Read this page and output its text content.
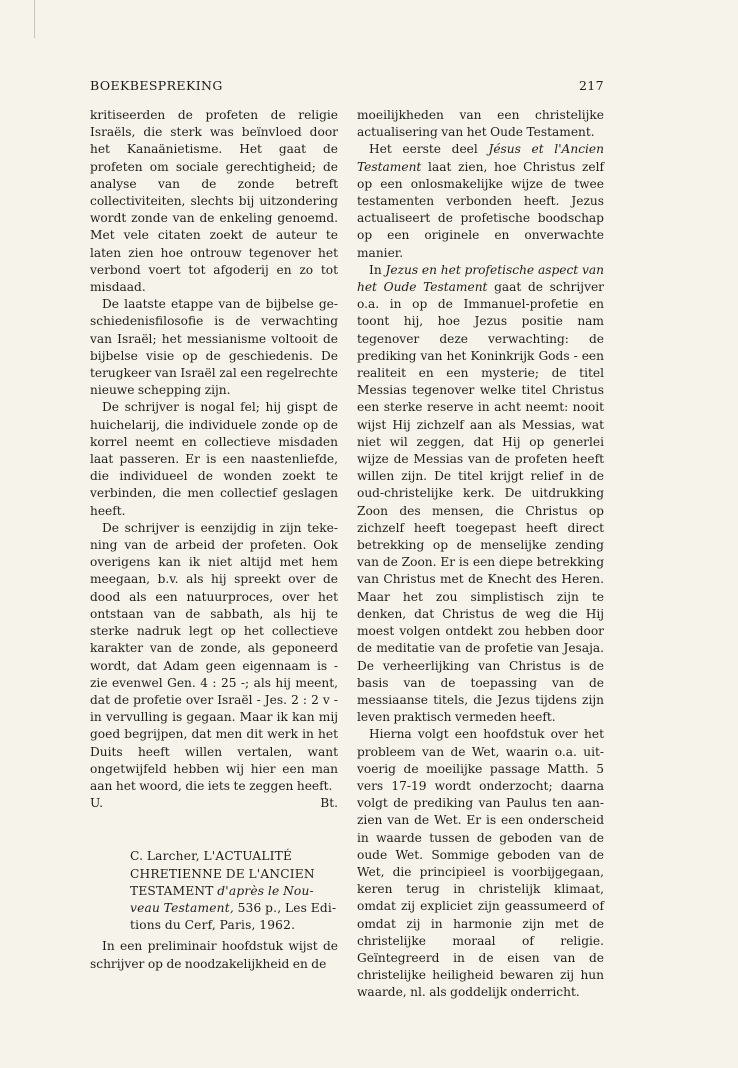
BOEKBESPREKING	217

kritiseerden de profeten de religie Israëls, die sterk was beïnvloed door het Kanaänietisme. Het gaat de profeten om sociale gerechtigheid; de analyse van de zonde betreft collectiviteiten, slechts bij uitzondering wordt zonde van de enkeling genoemd. Met vele citaten zoekt de auteur te laten zien hoe ontrouw tegenover het verbond voert tot afgoderij en zo tot misdaad.

De laatste etappe van de bijbelse geschiedenisfilosofie is de verwachting van Israël; het messianisme voltooit de bijbelse visie op de geschiedenis. De terugkeer van Israël zal een regelrechte nieuwe schepping zijn.

De schrijver is nogal fel; hij gispt de huichelarij, die individuele zonde op de korrel neemt en collectieve misdaden laat passeren. Er is een naastenliefde, die individueel de wonden zoekt te verbinden, die men collectief geslagen heeft.

De schrijver is eenzijdig in zijn tekening van de arbeid der profeten. Ook overigens kan ik niet altijd met hem meegaan, b.v. als hij spreekt over de dood als een natuurproces, over het ontstaan van de sabbath, als hij te sterke nadruk legt op het collectieve karakter van de zonde, als geponeerd wordt, dat Adam geen eigennaam is - zie evenwel Gen. 4 : 25 -; als hij meent, dat de profetie over Israël - Jes. 2 : 2 v - in vervulling is gegaan. Maar ik kan mij goed begrijpen, dat men dit werk in het Duits heeft willen vertalen, want ongetwijfeld hebben wij hier een man aan het woord, die iets te zeggen heeft.

U.	Bt.
C. Larcher, L'ACTUALITÉ CHRETIENNE DE L'ANCIEN TESTAMENT d'après le Nouveau Testament, 536 p., Les Editions du Cerf, Paris, 1962.

In een preliminair hoofdstuk wijst de schrijver op de noodzakelijkheid en de

moeilijkheden van een christelijke actualisering van het Oude Testament.

Het eerste deel Jésus et l'Ancien Testament laat zien, hoe Christus zelf op een onlosmakelijke wijze de twee testamenten verbonden heeft. Jezus actualiseert de profetische boodschap op een originele en onverwachte manier.

In Jezus en het profetische aspect van het Oude Testament gaat de schrijver o.a. in op de Immanuel-profetie en toont hij, hoe Jezus positie nam tegenover deze verwachting: de prediking van het Koninkrijk Gods - een realiteit en een mysterie; de titel Messias tegenover welke titel Christus een sterke reserve in acht neemt: nooit wijst Hij zichzelf aan als Messias, wat niet wil zeggen, dat Hij op generlei wijze de Messias van de profeten heeft willen zijn. De titel krijgt relief in de oud-christelijke kerk. De uitdrukking Zoon des mensen, die Christus op zichzelf heeft toegepast heeft direct betrekking op de menselijke zending van de Zoon. Er is een diepe betrekking van Christus met de Knecht des Heren. Maar het zou simplistisch zijn te denken, dat Christus de weg die Hij moest volgen ontdekt zou hebben door de meditatie van de profetie van Jesaja. De verheerlijking van Christus is de basis van de toepassing van de messiaanse titels, die Jezus tijdens zijn leven praktisch vermeden heeft.

Hierna volgt een hoofdstuk over het probleem van de Wet, waarin o.a. uitvoerig de moeilijke passage Matth. 5 vers 17-19 wordt onderzocht; daarna volgt de prediking van Paulus ten aanzien van de Wet. Er is een onderscheid in waarde tussen de geboden van de oude Wet. Sommige geboden van de Wet, die principieel is voorbijgegaan, keren terug in christelijk klimaat, omdat zij expliciet zijn geassumeerd of omdat zij in harmonie zijn met de christelijke moraal of religie. Geïntegreerd in de eisen van de christelijke heiligheid bewaren zij hun waarde, nl. als goddelijk onderricht.
